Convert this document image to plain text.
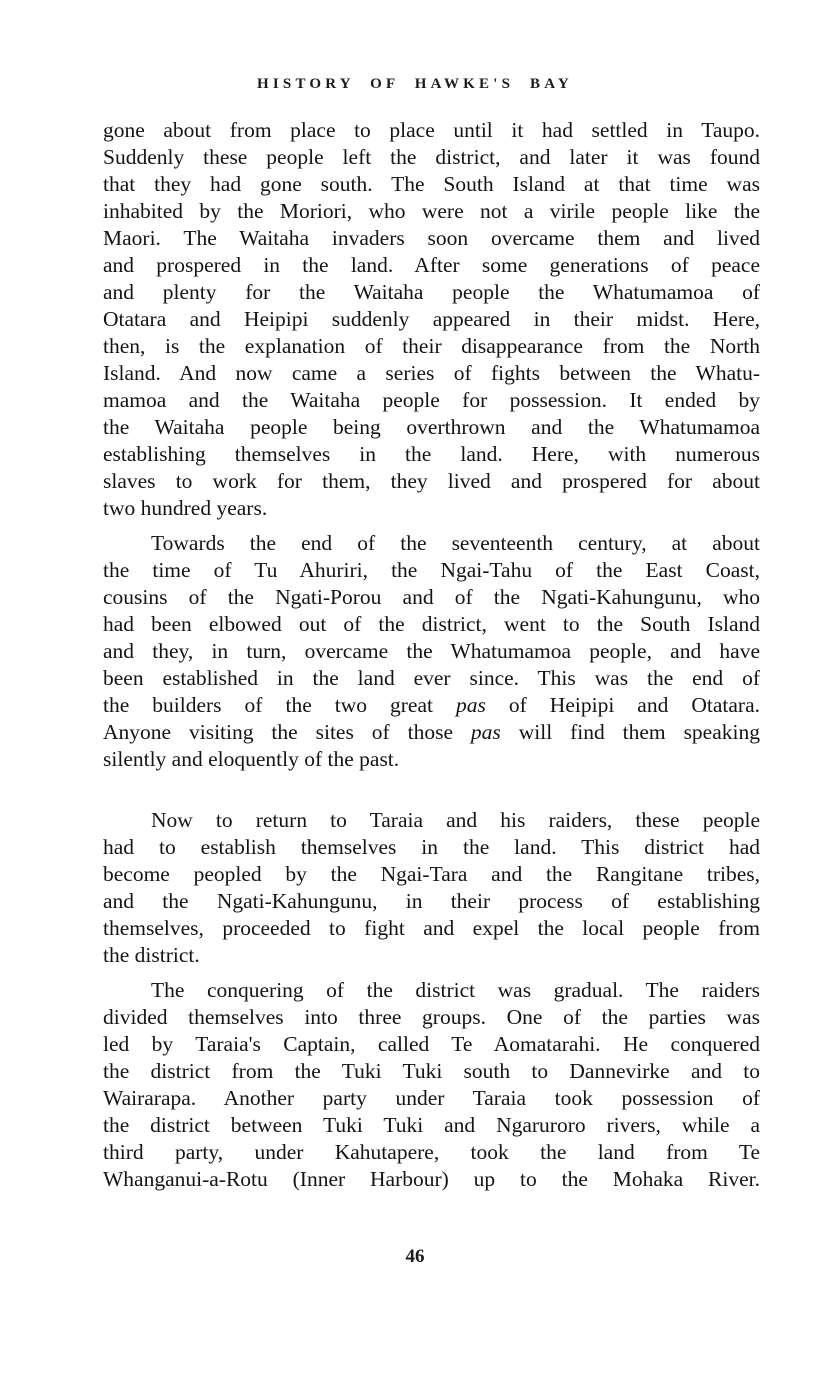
HISTORY  OF  HAWKE'S  BAY
gone about from place to place until it had settled in Taupo.
Suddenly these people left the district, and later it was found
that they had gone south. The South Island at that time was
inhabited by the Moriori, who were not a virile people like the
Maori. The Waitaha invaders soon overcame them and lived
and prospered in the land. After some generations of peace
and plenty for the Waitaha people the Whatumamoa of
Otatara and Heipipi suddenly appeared in their midst. Here,
then, is the explanation of their disappearance from the North
Island. And now came a series of fights between the Whatu-
mamoa and the Waitaha people for possession. It ended by
the Waitaha people being overthrown and the Whatumamoa
establishing themselves in the land. Here, with numerous
slaves to work for them, they lived and prospered for about
two hundred years.
Towards the end of the seventeenth century, at about
the time of Tu Ahuriri, the Ngai-Tahu of the East Coast,
cousins of the Ngati-Porou and of the Ngati-Kahungunu, who
had been elbowed out of the district, went to the South Island
and they, in turn, overcame the Whatumamoa people, and have
been established in the land ever since. This was the end of
the builders of the two great pas of Heipipi and Otatara.
Anyone visiting the sites of those pas will find them speaking
silently and eloquently of the past.
Now to return to Taraia and his raiders, these people
had to establish themselves in the land. This district had
become peopled by the Ngai-Tara and the Rangitane tribes,
and the Ngati-Kahungunu, in their process of establishing
themselves, proceeded to fight and expel the local people from
the district.
The conquering of the district was gradual. The raiders
divided themselves into three groups. One of the parties was
led by Taraia's Captain, called Te Aomatarahi. He conquered
the district from the Tuki Tuki south to Dannevirke and to
Wairarapa. Another party under Taraia took possession of
the district between Tuki Tuki and Ngaruroro rivers, while a
third party, under Kahutapere, took the land from Te
Whanganui-a-Rotu (Inner Harbour) up to the Mohaka River.
46
